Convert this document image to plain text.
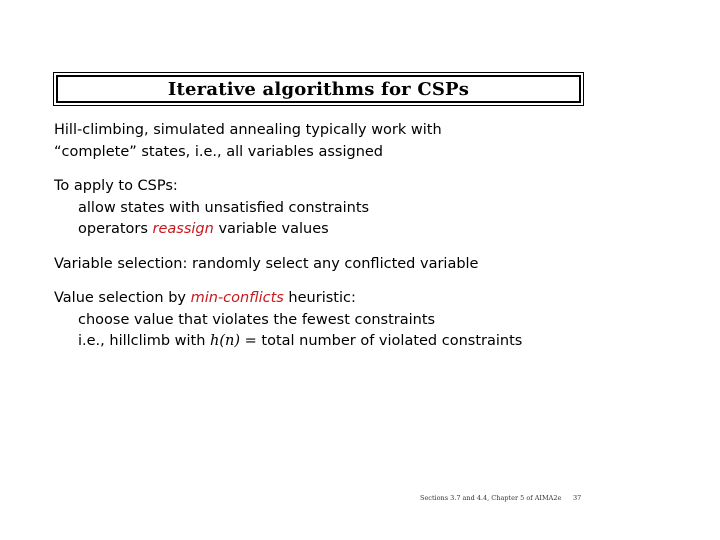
Iterative algorithms for CSPs
Hill-climbing, simulated annealing typically work with
“complete” states, i.e., all variables assigned
To apply to CSPs:
allow states with unsatisfied constraints
operators reassign variable values
Variable selection: randomly select any conflicted variable
Value selection by min-conflicts heuristic:
choose value that violates the fewest constraints
i.e., hillclimb with h(n) = total number of violated constraints
Sections 3.7 and 4.4, Chapter 5 of AIMA2e 37
